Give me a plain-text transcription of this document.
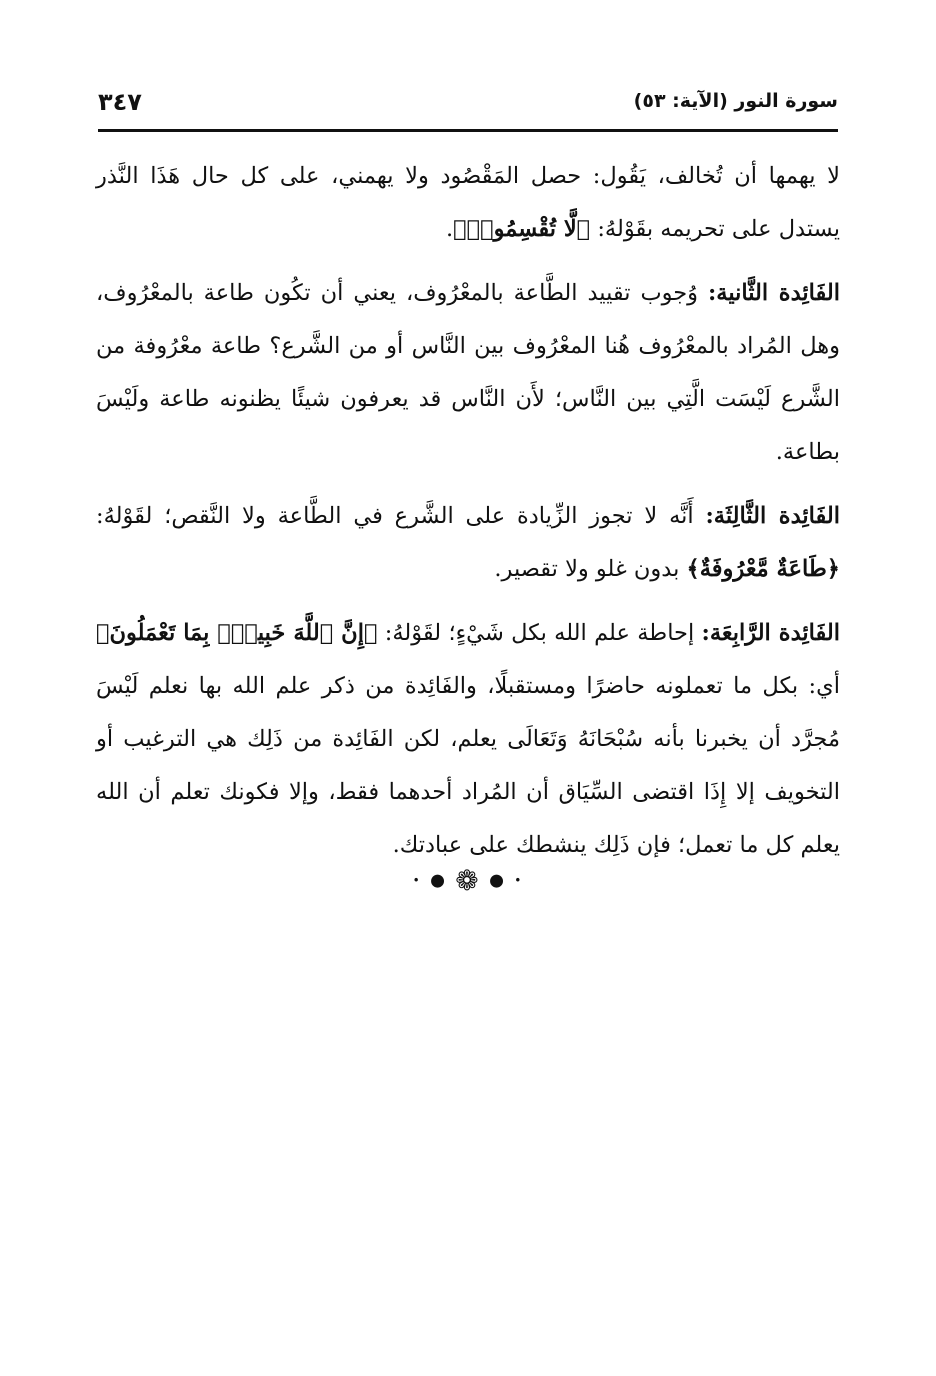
٣٤٧	سورة النور (الآية: ٥٣)

لا يهمها أن تُخالف، يَقُول: حصل المَقْصُود ولا يهمني، على كل حال هَذَا النَّذر يستدل على تحريمه بقَوْلهُ: ﴿لَّا تُقْسِمُوا۟﴾.

الفَائِدة الثَّانية: وُجوب تقييد الطَّاعة بالمعْرُوف، يعني أن تكُون طاعة بالمعْرُوف، وهل المُراد بالمعْرُوف هُنا المعْرُوف بين النَّاس أو من الشَّرع؟ طاعة معْرُوفة من الشَّرع لَيْسَت الَّتِي بين النَّاس؛ لأَن النَّاس قد يعرفون شيئًا يظنونه طاعة ولَيْسَ بطاعة.

الفَائِدة الثَّالِثَة: أَنَّه لا تجوز الزِّيادة على الشَّرع في الطَّاعة ولا النَّقص؛ لقَوْلهُ: ﴿طَاعَةٌ مَّعْرُوفَةٌ﴾ بدون غلو ولا تقصير.

الفَائِدة الرَّابِعَة: إحاطة علم الله بكل شَيْءٍ؛ لقَوْلهُ: ﴿إِنَّ ٱللَّهَ خَبِيرٌۢ بِمَا تَعْمَلُونَ﴾ أي: بكل ما تعملونه حاضرًا ومستقبلًا، والفَائِدة من ذكر علم الله بها نعلم لَيْسَ مُجرَّد أن يخبرنا بأنه سُبْحَانَهُ وَتَعَالَى يعلم، لكن الفَائِدة من ذَلِك هي الترغيب أو التخويف إلا إِذَا اقتضى السِّيَاق أن المُراد أحدهما فقط، وإلا فكونك تعلم أن الله يعلم كل ما تعمل؛ فإن ذَلِك ينشطك على عبادتك.

• ● ❁ ● •
